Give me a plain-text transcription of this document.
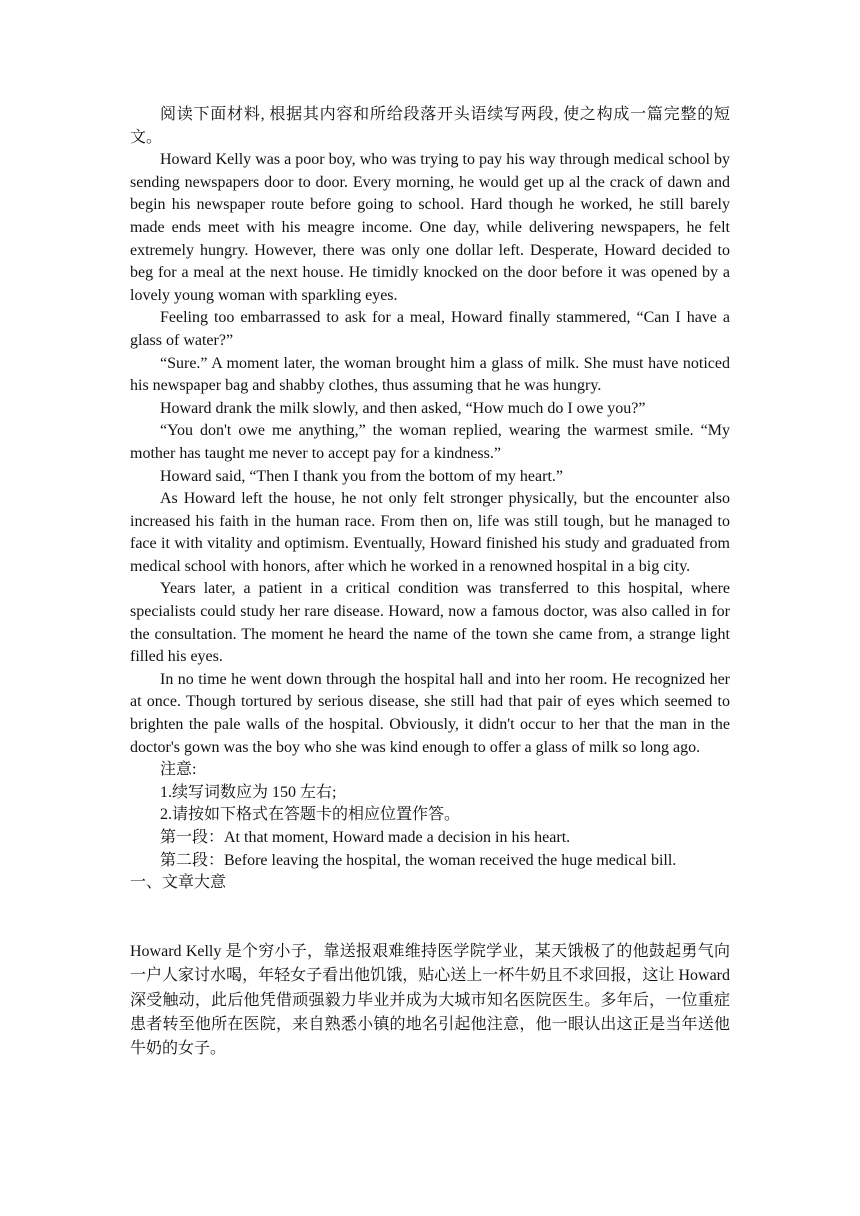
阅读下面材料, 根据其内容和所给段落开头语续写两段, 使之构成一篇完整的短文。

Howard Kelly was a poor boy, who was trying to pay his way through medical school by sending newspapers door to door. Every morning, he would get up al the crack of dawn and begin his newspaper route before going to school. Hard though he worked, he still barely made ends meet with his meagre income. One day, while delivering newspapers, he felt extremely hungry. However, there was only one dollar left. Desperate, Howard decided to beg for a meal at the next house. He timidly knocked on the door before it was opened by a lovely young woman with sparkling eyes.

Feeling too embarrassed to ask for a meal, Howard finally stammered, “Can I have a glass of water?”

“Sure.” A moment later, the woman brought him a glass of milk. She must have noticed his newspaper bag and shabby clothes, thus assuming that he was hungry.

Howard drank the milk slowly, and then asked, “How much do I owe you?”

“You don't owe me anything,” the woman replied, wearing the warmest smile. “My mother has taught me never to accept pay for a kindness.”

Howard said, “Then I thank you from the bottom of my heart.”

As Howard left the house, he not only felt stronger physically, but the encounter also increased his faith in the human race. From then on, life was still tough, but he managed to face it with vitality and optimism. Eventually, Howard finished his study and graduated from medical school with honors, after which he worked in a renowned hospital in a big city.

Years later, a patient in a critical condition was transferred to this hospital, where specialists could study her rare disease. Howard, now a famous doctor, was also called in for the consultation. The moment he heard the name of the town she came from, a strange light filled his eyes.

In no time he went down through the hospital hall and into her room. He recognized her at once. Though tortured by serious disease, she still had that pair of eyes which seemed to brighten the pale walls of the hospital. Obviously, it didn't occur to her that the man in the doctor's gown was the boy who she was kind enough to offer a glass of milk so long ago.

注意:

1.续写词数应为 150 左右;

2.请按如下格式在答题卡的相应位置作答。

第一段：At that moment, Howard made a decision in his heart.

第二段：Before leaving the hospital, the woman received the huge medical bill.

一、文章大意

Howard Kelly 是个穷小子，靠送报艰难维持医学院学业，某天饿极了的他鼓起勇气向一户人家讨水喝，年轻女子看出他饥饿，贴心送上一杯牛奶且不求回报，这让 Howard 深受触动，此后他凭借顽强毅力毕业并成为大城市知名医院医生。多年后，一位重症患者转至他所在医院，来自熟悉小镇的地名引起他注意，他一眼认出这正是当年送他牛奶的女子。
